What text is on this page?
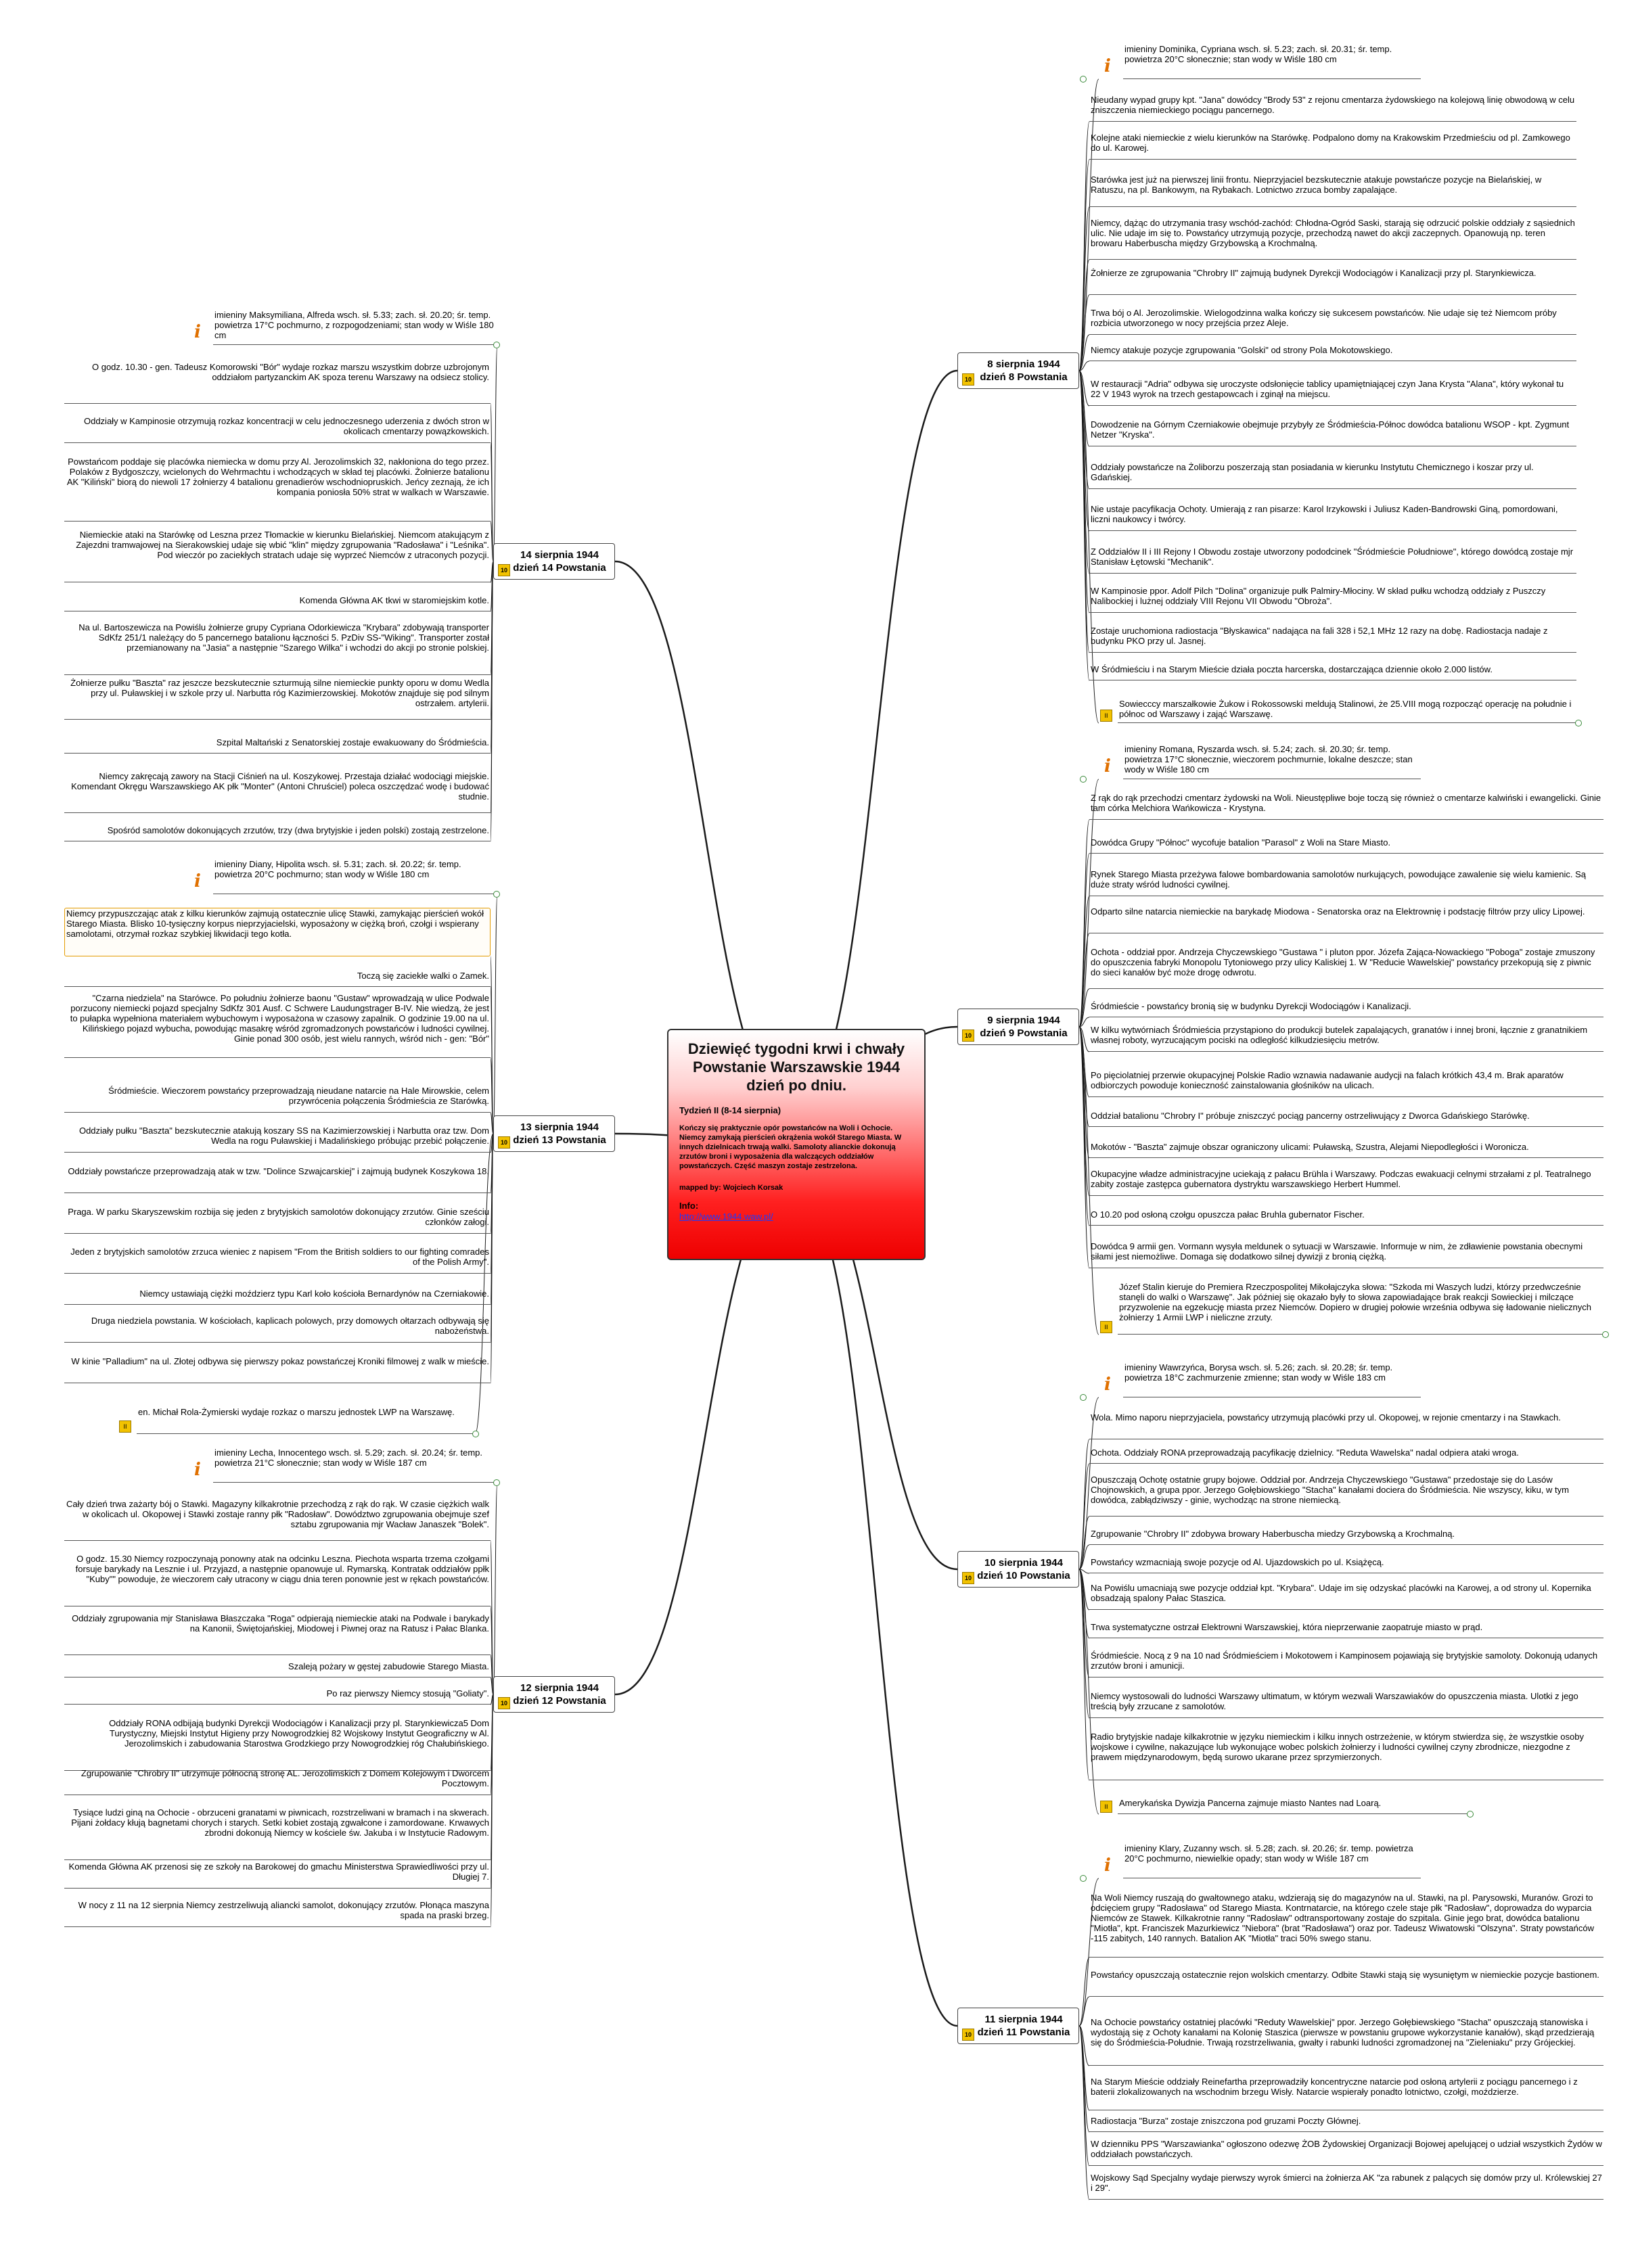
Dziewięć tygodni krwi i chwały Powstanie Warszawskie 1944 dzień po dniu.
Tydzień II (8-14 sierpnia)
Kończy się praktycznie opór powstańców na Woli i Ochocie. Niemcy zamykają pierścień okrążenia wokół Starego Miasta. W innych dzielnicach trwają walki. Samoloty alianckie dokonują zrzutów broni i wyposażenia dla walczących oddziałów powstańczych. Część maszyn zostaje zestrzelona.
mapped by: Wojciech Korsak
Info:
http://www.1944.waw.pl/
8 sierpnia 1944 dzień 8 Powstania
10
imieniny Dominika, Cypriana wsch. sł. 5.23; zach. sł. 20.31; śr. temp. powietrza 20°C słonecznie; stan wody w Wiśle 180 cm
i
Nieudany wypad grupy kpt. "Jana" dowódcy "Brody 53" z rejonu cmentarza żydowskiego na kolejową linię obwodową w celu zniszczenia niemieckiego pociągu pancernego.
Kolejne ataki niemieckie z wielu kierunków na Starówkę. Podpalono domy na Krakowskim Przedmieściu od pl. Zamkowego do ul. Karowej.
Starówka jest już na pierwszej linii frontu. Nieprzyjaciel bezskutecznie atakuje powstańcze pozycje na Bielańskiej, w Ratuszu, na pl. Bankowym, na Rybakach. Lotnictwo zrzuca bomby zapalające.
Niemcy, dążąc do utrzymania trasy wschód-zachód: Chłodna-Ogród Saski, starają się odrzucić polskie oddziały z sąsiednich ulic. Nie udaje im się to. Powstańcy utrzymują pozycje, przechodzą nawet do akcji zaczepnych. Opanowują np. teren browaru Haberbuscha między Grzybowską a Krochmalną.
Żołnierze ze zgrupowania "Chrobry II" zajmują budynek Dyrekcji Wodociągów i Kanalizacji przy pl. Starynkiewicza.
Trwa bój o Al. Jerozolimskie. Wielogodzinna walka kończy się sukcesem powstańców. Nie udaje się też Niemcom próby rozbicia utworzonego w nocy przejścia przez Aleje.
Niemcy atakuje pozycje zgrupowania "Golski" od strony Pola Mokotowskiego.
W restauracji "Adria" odbywa się uroczyste odsłonięcie tablicy upamiętniającej czyn Jana Krysta "Alana", który wykonał tu 22 V 1943 wyrok na trzech gestapowcach i zginął na miejscu.
Dowodzenie na Górnym Czerniakowie obejmuje przybyły ze Śródmieścia-Północ dowódca batalionu WSOP - kpt. Zygmunt Netzer "Kryska".
Oddziały powstańcze na Żoliborzu poszerzają stan posiadania w kierunku Instytutu Chemicznego i koszar przy ul. Gdańskiej.
Nie ustaje pacyfikacja Ochoty. Umierają z ran pisarze: Karol Irzykowski i Juliusz Kaden-Bandrowski Giną, pomordowani, liczni naukowcy i twórcy.
Z Oddziałów II i III Rejony I Obwodu zostaje utworzony pododcinek "Śródmieście Południowe", którego dowódcą zostaje mjr Stanisław Łętowski "Mechanik".
W Kampinosie ppor. Adolf Pilch "Dolina" organizuje pułk Palmiry-Młociny. W skład pułku wchodzą oddziały z Puszczy Nalibockiej i lużnej oddziały VIII Rejonu VII Obwodu "Obroża".
Zostaje uruchomiona radiostacja "Błyskawica" nadająca na fali 328 i 52,1 MHz 12 razy na dobę. Radiostacja nadaje z budynku PKO przy ul. Jasnej.
W Śródmieściu i na Starym Mieście działa poczta harcerska, dostarczająca dziennie około 2.000 listów.
Sowiecccy marszałkowie Żukow i Rokossowski meldują Stalinowi, że 25.VIII mogą rozpocząć operację na południe i północ od Warszawy i zająć Warszawę.
II
9 sierpnia 1944 dzień 9 Powstania
10
imieniny Romana, Ryszarda wsch. sł. 5.24; zach. sł. 20.30; śr. temp. powietrza 17°C słonecznie, wieczorem pochmurnie, lokalne deszcze; stan wody w Wiśle 180 cm
i
Z rąk do rąk przechodzi cmentarz żydowski na Woli. Nieustępliwe boje toczą się również o cmentarze kalwiński i ewangelicki. Ginie tam córka Melchiora Wańkowicza - Krystyna.
Dowódca Grupy "Północ" wycofuje batalion "Parasol" z Woli na Stare Miasto.
Rynek Starego Miasta przeżywa falowe bombardowania samolotów nurkujących, powodujące zawalenie się wielu kamienic. Są duże straty wśród ludności cywilnej.
Odparto silne natarcia niemieckie na barykadę Miodowa - Senatorska oraz na Elektrownię i podstację filtrów przy ulicy Lipowej.
Ochota - oddział ppor. Andrzeja Chyczewskiego "Gustawa " i pluton ppor. Józefa Zająca-Nowackiego "Poboga" zostaje zmuszony do opuszczenia fabryki Monopolu Tytoniowego przy ulicy Kaliskiej 1. W "Reducie Wawelskiej" powstańcy przekopują się z piwnic do sieci kanałów być może drogę odwrotu.
Śródmieście - powstańcy bronią się w budynku Dyrekcji Wodociągów i Kanalizacji.
W kilku wytwórniach Śródmieścia przystąpiono do produkcji butelek zapalających, granatów i innej broni, łącznie z granatnikiem własnej roboty, wyrzucającym pociski na odległość kilkudziesięciu metrów.
Po pięciolatniej przerwie okupacyjnej Polskie Radio wznawia nadawanie audycji na falach krótkich 43,4 m. Brak aparatów odbiorczych powoduje konieczność zainstalowania głośników na ulicach.
Oddział batalionu "Chrobry I" próbuje zniszczyć pociąg pancerny ostrzeliwujący z Dworca Gdańskiego Starówkę.
Mokotów - "Baszta" zajmuje obszar ograniczony ulicami: Puławską, Szustra, Alejami Niepodległości i Woronicza.
Okupacyjne władze administracyjne uciekają z pałacu Brühla i Warszawy. Podczas ewakuacji celnymi strzałami z pl. Teatralnego zabity zostaje zastępca gubernatora dystryktu warszawskiego Herbert Hummel.
O 10.20 pod osłoną czołgu opuszcza pałac Bruhla gubernator Fischer.
Dowódca 9 armii gen. Vormann wysyła meldunek o sytuacji w Warszawie. Informuje w nim, że zdławienie powstania obecnymi siłami jest niemożliwe. Domaga się dodatkowo silnej dywizji z bronią ciężką.
Józef Stalin kieruje do Premiera Rzeczpospolitej Mikołajczyka słowa: "Szkoda mi Waszych ludzi, którzy przedwcześnie stanęli do walki o Warszawę". Jak później się okazało były to słowa zapowiadające brak reakcji Sowieckiej i milczące przyzwolenie na egzekucję miasta przez Niemców. Dopiero w drugiej połowie września odbywa się ładowanie nielicznych żołnierzy 1 Armii LWP i nieliczne zrzuty.
II
10 sierpnia 1944 dzień 10 Powstania
10
imieniny Wawrzyńca, Borysa wsch. sł. 5.26; zach. sł. 20.28; śr. temp. powietrza 18°C zachmurzenie zmienne; stan wody w Wiśle 183 cm
i
Wola. Mimo naporu nieprzyjaciela, powstańcy utrzymują placówki przy ul. Okopowej, w rejonie cmentarzy i na Stawkach.
Ochota. Oddziały RONA przeprowadzają pacyfikację dzielnicy. "Reduta Wawelska" nadal odpiera ataki wroga.
Opuszczają Ochotę ostatnie grupy bojowe. Oddział por. Andrzeja Chyczewskiego "Gustawa" przedostaje się do Lasów Chojnowskich, a grupa ppor. Jerzego Gołębiowskiego "Stacha" kanałami dociera do Śródmieścia. Nie wszyscy, kiku, w tym dowódca, zabłądziwszy - ginie, wychodząc na strone niemiecką.
Zgrupowanie "Chrobry II" zdobywa browary Haberbuscha miedzy Grzybowską a Krochmalną.
Powstańcy wzmacniają swoje pozycje od Al. Ujazdowskich po ul. Książęcą.
Na Powiślu umacniają swe pozycje oddział kpt. "Krybara". Udaje im się odzyskać placówki na Karowej, a od strony ul. Kopernika obsadzają spalony Pałac Staszica.
Trwa systematyczne ostrzał Elektrowni Warszawskiej, która nieprzerwanie zaopatruje miasto w prąd.
Śródmieście. Nocą z 9 na 10 nad Śródmieściem i Mokotowem i Kampinosem pojawiają się brytyjskie samoloty. Dokonują udanych zrzutów broni i amunicji.
Niemcy wystosowali do ludności Warszawy ultimatum, w którym wezwali Warszawiaków do opuszczenia miasta. Ulotki z jego treścią były zrzucane z samolotów.
Radio brytyjskie nadaje kilkakrotnie w języku niemieckim i kilku innych ostrzeżenie, w którym stwierdza się, że wszystkie osoby wojskowe i cywilne, nakazujące lub wykonujące wobec polskich żołnierzy i ludności cywilnej czyny zbrodnicze, niezgodne z prawem międzynarodowym, będą surowo ukarane przez sprzymierzonych.
Amerykańska Dywizja Pancerna zajmuje miasto Nantes nad Loarą.
II
11 sierpnia 1944 dzień 11 Powstania
10
imieniny Klary, Zuzanny wsch. sł. 5.28; zach. sł. 20.26; śr. temp. powietrza 20°C pochmurno, niewielkie opady; stan wody w Wiśle 187 cm
i
Na Woli Niemcy ruszają do gwałtownego ataku, wdzierają się do magazynów na ul. Stawki, na pl. Parysowski, Muranów. Grozi to odcięciem grupy "Radosława" od Starego Miasta. Kontrnatarcie, na którego czele staje płk "Radosław", doprowadza do wyparcia Niemców ze Stawek. Kilkakrotnie ranny "Radosław" odtransportowany zostaje do szpitala. Ginie jego brat, dowódca batalionu "Miotła", kpt. Franciszek Mazurkiewicz "Niebora" (brat "Radosława") oraz por. Tadeusz Wiwatowski "Olszyna". Straty powstańców -115 zabitych, 140 rannych. Batalion AK "Miotła" traci 50% swego stanu.
Powstańcy opuszczają ostatecznie rejon wolskich cmentarzy. Odbite Stawki stają się wysuniętym w niemieckie pozycje bastionem.
Na Ochocie powstańcy ostatniej placówki "Reduty Wawelskiej" ppor. Jerzego Gołębiewskiego "Stacha" opuszczają stanowiska i wydostają się z Ochoty kanałami na Kolonię Staszica (pierwsze w powstaniu grupowe wykorzystanie kanałów), skąd przedzierają się do Śródmieścia-Południe. Trwają rozstrzeliwania, gwałty i rabunki ludności zgromadzonej na "Zieleniaku" przy Grójeckiej.
Na Starym Mieście oddziały Reinefartha przeprowadziły koncentryczne natarcie pod osłoną artylerii z pociągu pancernego i z baterii zlokalizowanych na wschodnim brzegu Wisły. Natarcie wspierały ponadto lotnictwo, czołgi, moździerze.
Radiostacja "Burza" zostaje zniszczona pod gruzami Poczty Głównej.
W dzienniku PPS "Warszawianka" ogłoszono odezwę ŻOB Żydowskiej Organizacji Bojowej apelującej o udział wszystkich Żydów w oddziałach powstańczych.
Wojskowy Sąd Specjalny wydaje pierwszy wyrok śmierci na żołnierza AK "za rabunek z palących się domów przy ul. Królewskiej 27 i 29".
14 sierpnia 1944 dzień 14 Powstania
10
imieniny Maksymiliana, Alfreda wsch. sł. 5.33; zach. sł. 20.20; śr. temp. powietrza 17°C pochmurno, z rozpogodzeniami; stan wody w Wiśle 180 cm
i
O godz. 10.30 - gen. Tadeusz Komorowski "Bór" wydaje rozkaz marszu wszystkim dobrze uzbrojonym oddziałom partyzanckim AK spoza terenu Warszawy na odsiecz stolicy.
Oddziały w Kampinosie otrzymują rozkaz koncentracji w celu jednoczesnego uderzenia z dwóch stron w okolicach cmentarzy powązkowskich.
Powstańcom poddaje się placówka niemiecka w domu przy Al. Jerozolimskich 32, nakłoniona do tego przez. Polaków z Bydgoszczy, wcielonych do Wehrmachtu i wchodzących w skład tej placówki. Żołnierze batalionu AK "Kiliński" biorą do niewoli 17 żołnierzy 4 batalionu grenadierów wschodniopruskich. Jeńcy zeznają, że ich kompania poniosła 50% strat w walkach w Warszawie.
Niemieckie ataki na Starówkę od Leszna przez Tłomackie w kierunku Bielańskiej. Niemcom atakującym z Zajezdni tramwajowej na Sierakowskiej udaje się wbić "klin" między zgrupowania "Radosława" i "Leśnika". Pod wieczór po zaciekłych stratach udaje się wyprzeć Niemców z utraconych pozycji.
Komenda Główna AK tkwi w staromiejskim kotle.
Na ul. Bartoszewicza na Powiślu żołnierze grupy Cypriana Odorkiewicza "Krybara" zdobywają transporter SdKfz 251/1 należący do 5 pancernego batalionu łączności 5. PzDiv SS-"Wiking". Transporter został przemianowany na "Jasia" a następnie "Szarego Wilka" i wchodzi do akcji po stronie polskiej.
Żołnierze pułku "Baszta" raz jeszcze bezskutecznie szturmują silne niemieckie punkty oporu w domu Wedla przy ul. Puławskiej i w szkole przy ul. Narbutta róg Kazimierzowskiej. Mokotów znajduje się pod silnym ostrzałem. artylerii.
Szpital Maltański z Senatorskiej zostaje ewakuowany do Śródmieścia.
Niemcy zakręcają zawory na Stacji Ciśnień na ul. Koszykowej. Przestaja działać wodociągi miejskie. Komendant Okręgu Warszawskiego AK płk "Monter" (Antoni Chruściel) poleca oszczędzać wodę i budować studnie.
Spośród samolotów dokonujących zrzutów, trzy (dwa brytyjskie i jeden polski) zostają zestrzelone.
13 sierpnia 1944 dzień 13 Powstania
10
imieniny Diany, Hipolita wsch. sł. 5.31; zach. sł. 20.22; śr. temp. powietrza 20°C pochmurno; stan wody w Wiśle 180 cm
i
Niemcy przypuszczając atak z kilku kierunków zajmują ostatecznie ulicę Stawki, zamykając pierścień wokół Starego Miasta. Blisko 10-tysięczny korpus nieprzyjacielski, wyposażony w ciężką broń, czołgi i wspierany samolotami, otrzymał rozkaz szybkiej likwidacji tego kotła.
Toczą się zaciekłe walki o Zamek.
"Czarna niedziela" na Starówce. Po południu żołnierze baonu "Gustaw" wprowadzają w ulice Podwale porzucony niemiecki pojazd specjalny SdKfz 301 Ausf. C Schwere Laudungstrager B-IV. Nie wiedzą, że jest to pułapka wypełniona materiałem wybuchowym i wyposażona w czasowy zapalnik. O godzinie 19.00 na ul. Kilińskiego pojazd wybucha, powodując masakrę wśród zgromadzonych powstańców i ludności cywilnej. Ginie ponad 300 osób, jest wielu rannych, wśród nich - gen: "Bór"
Śródmieście. Wieczorem powstańcy przeprowadzają nieudane natarcie na Hale Mirowskie, celem przywrócenia połączenia Śródmieścia ze Starówką.
Oddziały pułku "Baszta" bezskutecznie atakują koszary SS na Kazimierzowskiej i Narbutta oraz tzw. Dom Wedla na rogu Puławskiej i Madalińskiego próbując przebić połączenie.
Oddziały powstańcze przeprowadzają atak w tzw. "Dolince Szwajcarskiej" i zajmują budynek Koszykowa 18.
Praga. W parku Skaryszewskim rozbija się jeden z brytyjskich samolotów dokonujący zrzutów. Ginie sześciu członków załogi.
Jeden z brytyjskich samolotów zrzuca wieniec z napisem "From the British soldiers to our fighting comrades of the Polish Army".
Niemcy ustawiają ciężki moździerz typu Karl koło kościoła Bernardynów na Czerniakowie.
Druga niedziela powstania. W kościołach, kaplicach polowych, przy domowych ołtarzach odbywają się nabożeństwa.
W kinie "Palladium" na ul. Złotej odbywa się pierwszy pokaz powstańczej Kroniki filmowej z walk w mieście.
en. Michał Rola-Żymierski wydaje rozkaz o marszu jednostek LWP na Warszawę.
II
12 sierpnia 1944 dzień 12 Powstania
10
imieniny Lecha, Innocentego wsch. sł. 5.29; zach. sł. 20.24; śr. temp. powietrza 21°C słonecznie; stan wody w Wiśle 187 cm
i
Cały dzień trwa zażarty bój o Stawki. Magazyny kilkakrotnie przechodzą z rąk do rąk. W czasie ciężkich walk w okolicach ul. Okopowej i Stawki zostaje ranny płk "Radosław". Dowództwo zgrupowania obejmuje szef sztabu zgrupowania mjr Wacław Janaszek "Bolek".
O godz. 15.30 Niemcy rozpoczynają ponowny atak na odcinku Leszna. Piechota wsparta trzema czołgami forsuje barykady na Lesznie i ul. Przyjazd, a następnie opanowuje ul. Rymarską. Kontratak oddziałów ppłk "Kuby"" powoduje, że wieczorem cały utracony w ciągu dnia teren ponownie jest w rękach powstańców.
Oddziały zgrupowania mjr Stanisława Błaszczaka "Roga" odpierają niemieckie ataki na Podwale i barykady na Kanonii, Świętojańskiej, Miodowej i Piwnej oraz na Ratusz i Pałac Blanka.
Szaleją pożary w gęstej zabudowie Starego Miasta.
Po raz pierwszy Niemcy stosują "Goliaty".
Oddziały RONA odbijają budynki Dyrekcji Wodociągów i Kanalizacji przy pl. Starynkiewicza5 Dom Turystyczny, Miejski Instytut Higieny przy Nowogrodzkiej 82 Wojskowy Instytut Geograficzny w Al. Jerozolimskich i zabudowania Starostwa Grodzkiego przy Nowogrodzkiej róg Chałubińskiego.
Zgrupowanie "Chrobry II" utrzymuje północną stronę AL. Jerozolimskich z Domem Kolejowym i Dworcem Pocztowym.
Tysiące ludzi giną na Ochocie - obrzuceni granatami w piwnicach, rozstrzeliwani w bramach i na skwerach. Pijani żołdacy kłują bagnetami chorych i starych. Setki kobiet zostają zgwałcone i zamordowane. Krwawych zbrodni dokonują Niemcy w kościele św. Jakuba i w Instytucie Radowym.
Komenda Główna AK przenosi się ze szkoły na Barokowej do gmachu Ministerstwa Sprawiedliwości przy ul. Długiej 7.
W nocy z 11 na 12 sierpnia Niemcy zestrzeliwują aliancki samolot, dokonujący zrzutów. Płonąca maszyna spada na praski brzeg.
